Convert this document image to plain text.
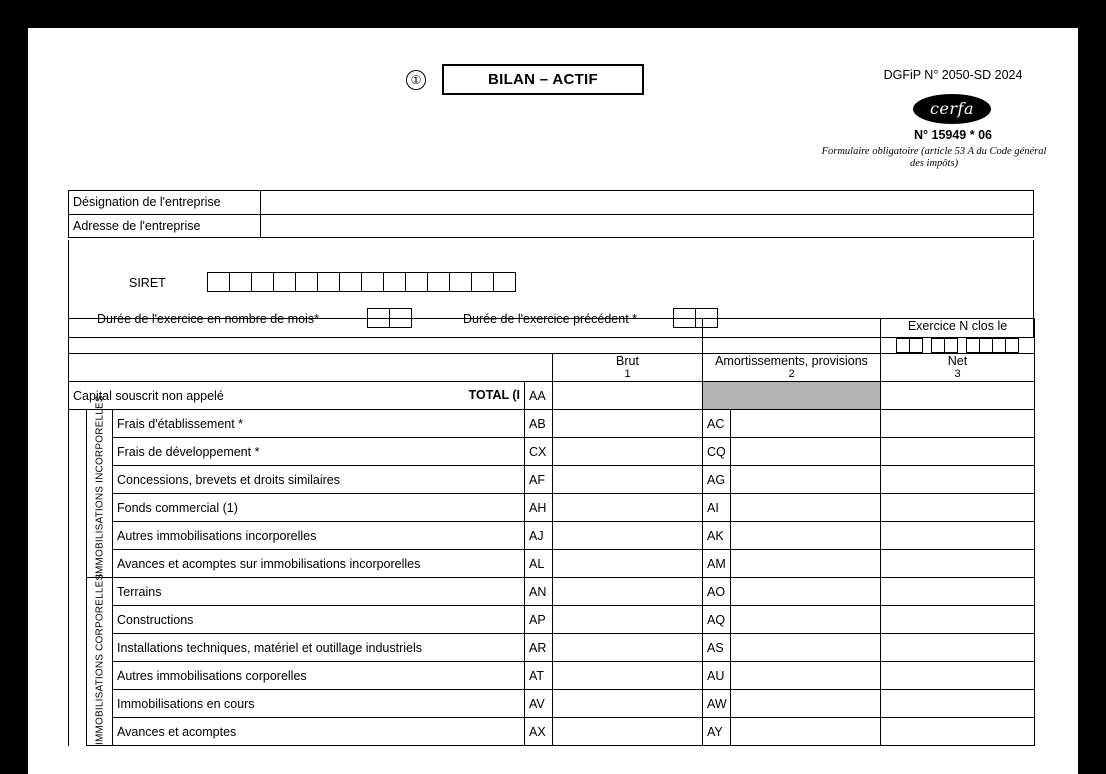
①	BILAN – ACTIF	DGFiP N° 2050-SD 2024
cerfa
N° 15949 * 06
Formulaire obligatoire (article 53 A du Code général des impôts)
Désignation de l'entreprise
Adresse de l'entreprise
SIRET
Durée de l'exercice en nombre de mois*	Durée de l'exercice précédent *

							Exercice N clos le

Brut
1

Amortissements, provisions
2

Net
3

Capital souscrit non appelé TOTAL (I			AA				
	IMMOBILISATIONS INCORPORELLES	Frais d'établissement *	AB		AC		
		Frais de développement *	CX		CQ		
		Concessions, brevets et droits similaires	AF		AG		
		Fonds commercial (1)	AH		AI		
		Autres immobilisations incorporelles	AJ		AK		
		Avances et acomptes sur immobilisations incorporelles	AL		AM		
	IMMOBILISATIONS CORPORELLES	Terrains	AN		AO		
		Constructions	AP		AQ		
		Installations techniques, matériel et outillage industriels	AR		AS		
		Autres immobilisations corporelles	AT		AU		
		Immobilisations en cours	AV		AW		
		Avances et acomptes	AX		AY		
